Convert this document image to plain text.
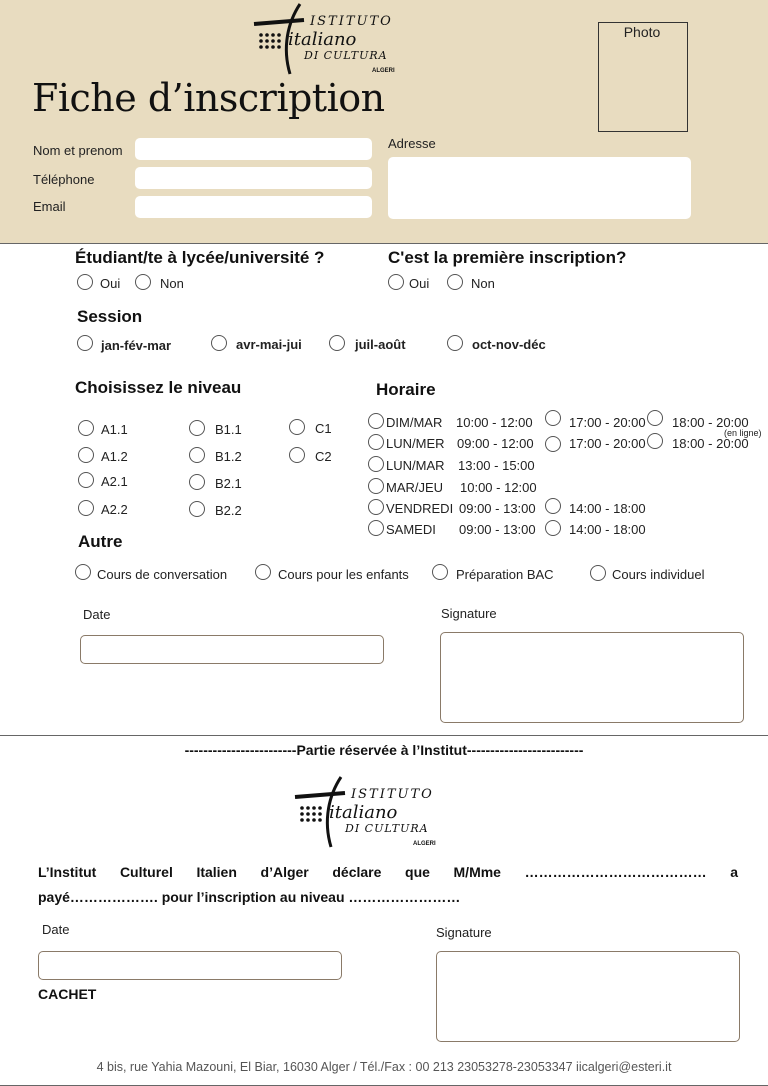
ISTITUTO
italiano
DI CULTURA
ALGERI
Fiche d’inscription
Photo
Nom et prenom
Téléphone
Email
Adresse
Étudiant/te à lycée/université ?
Oui	Non
C'est la première inscription?
Oui	Non
Session
jan-fév-mar	avr-mai-jui	juil-août	oct-nov-déc
Choisissez le niveau
A1.1
A1.2
A2.1
A2.2
B1.1
B1.2
B2.1
B2.2
C1
C2
Horaire
DIM/MAR 10:00 - 12:00	17:00 - 20:00 18:00 - 20:00
(en ligne)
LUN/MER 09:00 - 12:00	17:00 - 20:00 18:00 - 20:00
LUN/MAR 13:00 - 15:00
MAR/JEU 10:00 - 12:00
VENDREDI 09:00 - 13:00	14:00 - 18:00
SAMEDI 09:00 - 13:00	14:00 - 18:00
Autre
Cours de conversation	Cours pour les enfants	Préparation BAC	Cours individuel
Date	Signature
------------------------Partie réservée à l’Institut-------------------------
ISTITUTO
italiano
DI CULTURA
ALGERI
L’Institut Culturel Italien d’Alger déclare que M/Mme ………………………………… a
payé………………. pour l’inscription au niveau ……………………
Date
CACHET
Signature
4 bis, rue Yahia Mazouni, El Biar, 16030 Alger / Tél./Fax : 00 213 23053278-23053347 iicalgeri@esteri.it
